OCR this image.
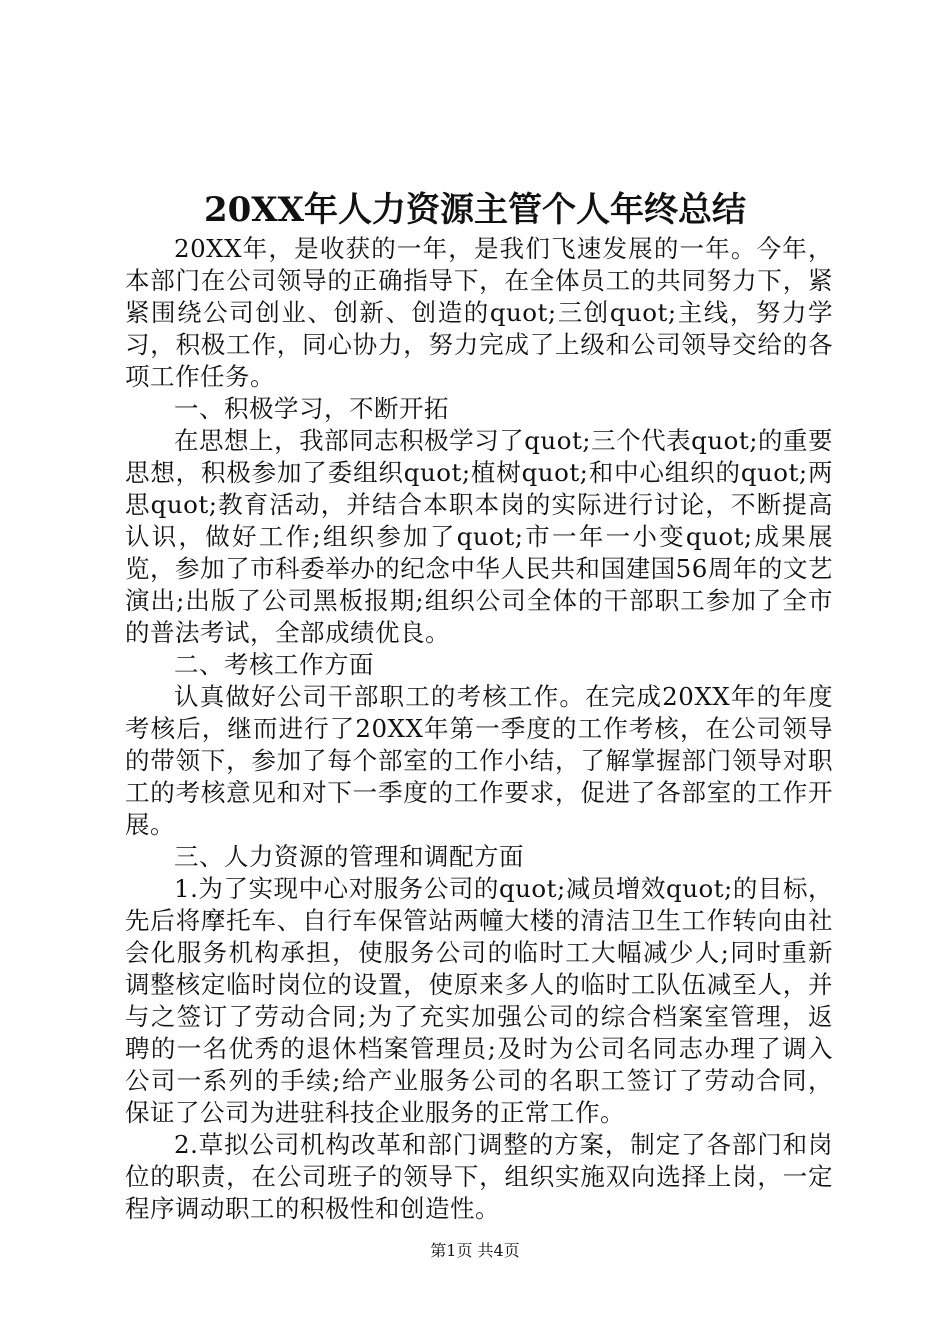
20XX年人力资源主管个人年终总结

20XX年，是收获的一年，是我们飞速发展的一年。今年，本部门在公司领导的正确指导下，在全体员工的共同努力下，紧紧围绕公司创业、创新、创造的quot;三创quot;主线，努力学习，积极工作，同心协力，努力完成了上级和公司领导交给的各项工作任务。

一、积极学习，不断开拓

在思想上，我部同志积极学习了quot;三个代表quot;的重要思想，积极参加了委组织quot;植树quot;和中心组织的quot;两思quot;教育活动，并结合本职本岗的实际进行讨论，不断提高认识，做好工作;组织参加了quot;市一年一小变quot;成果展览，参加了市科委举办的纪念中华人民共和国建国56周年的文艺演出;出版了公司黑板报期;组织公司全体的干部职工参加了全市的普法考试，全部成绩优良。

二、考核工作方面

认真做好公司干部职工的考核工作。在完成20XX年的年度考核后，继而进行了20XX年第一季度的工作考核，在公司领导的带领下，参加了每个部室的工作小结，了解掌握部门领导对职工的考核意见和对下一季度的工作要求，促进了各部室的工作开展。

三、人力资源的管理和调配方面

1.为了实现中心对服务公司的quot;减员增效quot;的目标，先后将摩托车、自行车保管站两幢大楼的清洁卫生工作转向由社会化服务机构承担，使服务公司的临时工大幅减少人;同时重新调整核定临时岗位的设置，使原来多人的临时工队伍减至人，并与之签订了劳动合同;为了充实加强公司的综合档案室管理，返聘的一名优秀的退休档案管理员;及时为公司名同志办理了调入公司一系列的手续;给产业服务公司的名职工签订了劳动合同，保证了公司为进驻科技企业服务的正常工作。

2.草拟公司机构改革和部门调整的方案，制定了各部门和岗位的职责，在公司班子的领导下，组织实施双向选择上岗，一定程序调动职工的积极性和创造性。

第1页 共4页
